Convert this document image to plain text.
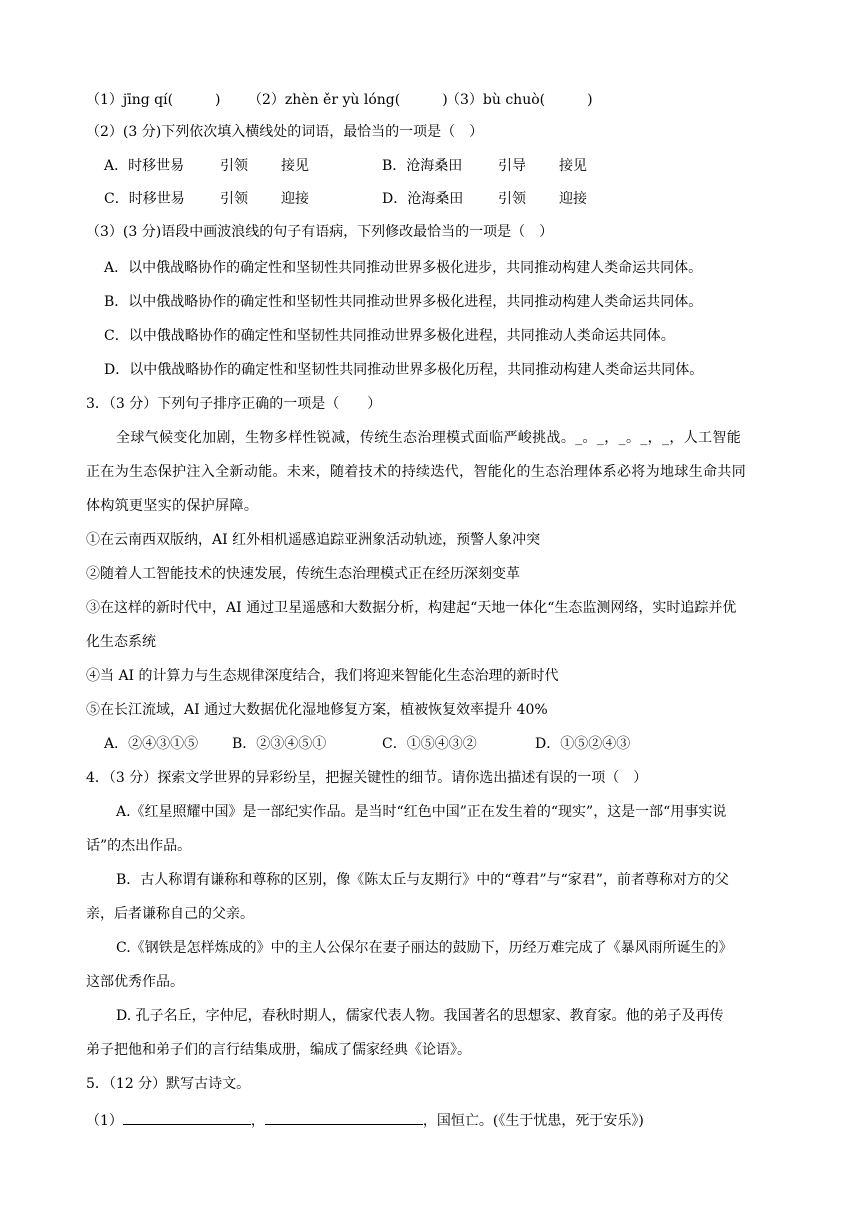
（1）jīng qí(　　　) （2）zhèn ěr yù lóng(　　　)
（3）bù chuò(　　　)
（2）(3 分)下列依次填入横线处的词语，最恰当的一项是（　）
A．时移世易	引领 接见	B．沧海桑田	引导 接见
C．时移世易	引领 迎接	D．沧海桑田 引领 迎接
（3）(3 分)语段中画波浪线的句子有语病，下列修改最恰当的一项是（　）
A．以中俄战略协作的确定性和坚韧性共同推动世界多极化进步，共同推动构建人类命运共同体。
B．以中俄战略协作的确定性和坚韧性共同推动世界多极化进程，共同推动构建人类命运共同体。
C．以中俄战略协作的确定性和坚韧性共同推动世界多极化进程，共同推动人类命运共同体。
D．以中俄战略协作的确定性和坚韧性共同推动世界多极化历程，共同推动构建人类命运共同体。
3．（3 分）下列句子排序正确的一项是（　　）
全球气候变化加剧，生物多样性锐减，传统生态治理模式面临严峻挑战。_。_，_。_，_，人工智能
正在为生态保护注入全新动能。未来，随着技术的持续迭代，智能化的生态治理体系必将为地球生命共同
体构筑更坚实的保护屏障。
①在云南西双版纳，AI 红外相机遥感追踪亚洲象活动轨迹，预警人象冲突
②随着人工智能技术的快速发展，传统生态治理模式正在经历深刻变革
③在这样的新时代中，AI 通过卫星遥感和大数据分析，构建起“天地一体化“生态监测网络，实时追踪并优
化生态系统
④当 AI 的计算力与生态规律深度结合，我们将迎来智能化生态治理的新时代
⑤在长江流域，AI 通过大数据优化湿地修复方案，植被恢复效率提升 40%
A．②④③①⑤ B．②③④⑤①	C．①⑤④③②	D．①⑤②④③
4．（3 分）探索文学世界的异彩纷呈，把握关键性的细节。请你选出描述有误的一项（　）
A.《红星照耀中国》是一部纪实作品。是当时“红色中国”正在发生着的“现实”，这是一部“用事实说
话”的杰出作品。
B．古人称谓有谦称和尊称的区别，像《陈太丘与友期行》中的“尊君”与“家君”，前者尊称对方的父
亲，后者谦称自己的父亲。
C.《钢铁是怎样炼成的》中的主人公保尔在妻子丽达的鼓励下，历经万难完成了《暴风雨所诞生的》
这部优秀作品。
D. 孔子名丘，字仲尼，春秋时期人，儒家代表人物。我国著名的思想家、教育家。他的弟子及再传
弟子把他和弟子们的言行结集成册，编成了儒家经典《论语》。
5．（12 分）默写古诗文。
（1）	，	，国恒亡。(《生于忧患，死于安乐》)
